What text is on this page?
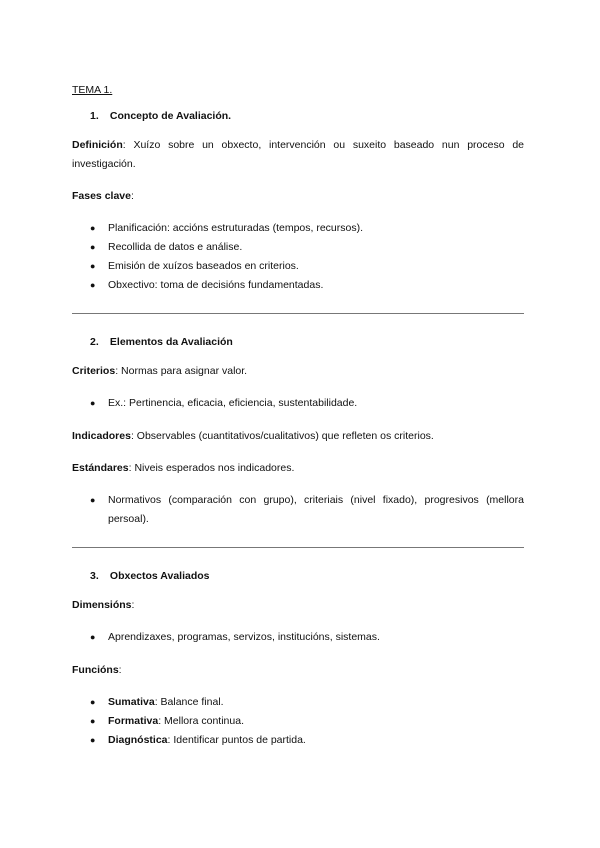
TEMA 1.
1. Concepto de Avaliación.

Definición: Xuízo sobre un obxecto, intervención ou suxeito baseado nun proceso de investigación.

Fases clave:

● Planificación: accións estruturadas (tempos, recursos).
● Recollida de datos e análise.
● Emisión de xuízos baseados en criterios.
● Obxectivo: toma de decisións fundamentadas.
2. Elementos da Avaliación

Criterios: Normas para asignar valor.

● Ex.: Pertinencia, eficacia, eficiencia, sustentabilidade.

Indicadores: Observables (cuantitativos/cualitativos) que refleten os criterios.

Estándares: Niveis esperados nos indicadores.

● Normativos (comparación con grupo), criteriais (nivel fixado), progresivos (mellora persoal).
3. Obxectos Avaliados

Dimensións:

● Aprendizaxes, programas, servizos, institucións, sistemas.

Funcións:

● Sumativa: Balance final.
● Formativa: Mellora continua.
● Diagnóstica: Identificar puntos de partida.
